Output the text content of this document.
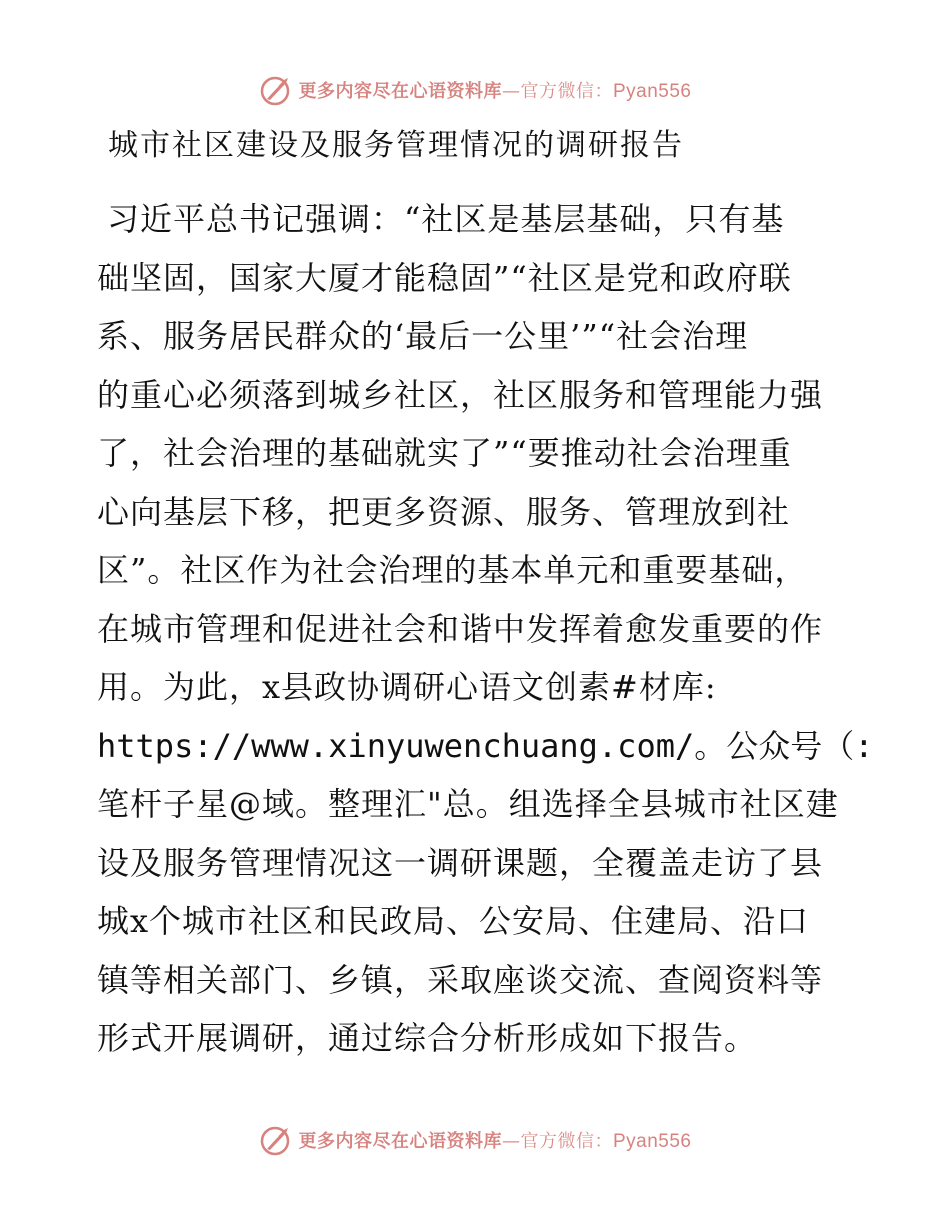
更多内容尽在心语资料库—官方微信：Pyan556
城市社区建设及服务管理情况的调研报告
习近平总书记强调：“社区是基层基础，只有基
础坚固，国家大厦才能稳固”“社区是党和政府联
系、服务居民群众的‘最后一公里’”“社会治理
的重心必须落到城乡社区，社区服务和管理能力强
了，社会治理的基础就实了”“要推动社会治理重
心向基层下移，把更多资源、服务、管理放到社
区”。社区作为社会治理的基本单元和重要基础，
在城市管理和促进社会和谐中发挥着愈发重要的作
用。为此，x县政协调研心语文创素#材库:
https://www.xinyuwenchuang.com/。公众号（:
笔杆子星@域。整理汇"总。组选择全县城市社区建
设及服务管理情况这一调研课题，全覆盖走访了县
城x个城市社区和民政局、公安局、住建局、沿口
镇等相关部门、乡镇，采取座谈交流、查阅资料等
形式开展调研，通过综合分析形成如下报告。
更多内容尽在心语资料库—官方微信：Pyan556
